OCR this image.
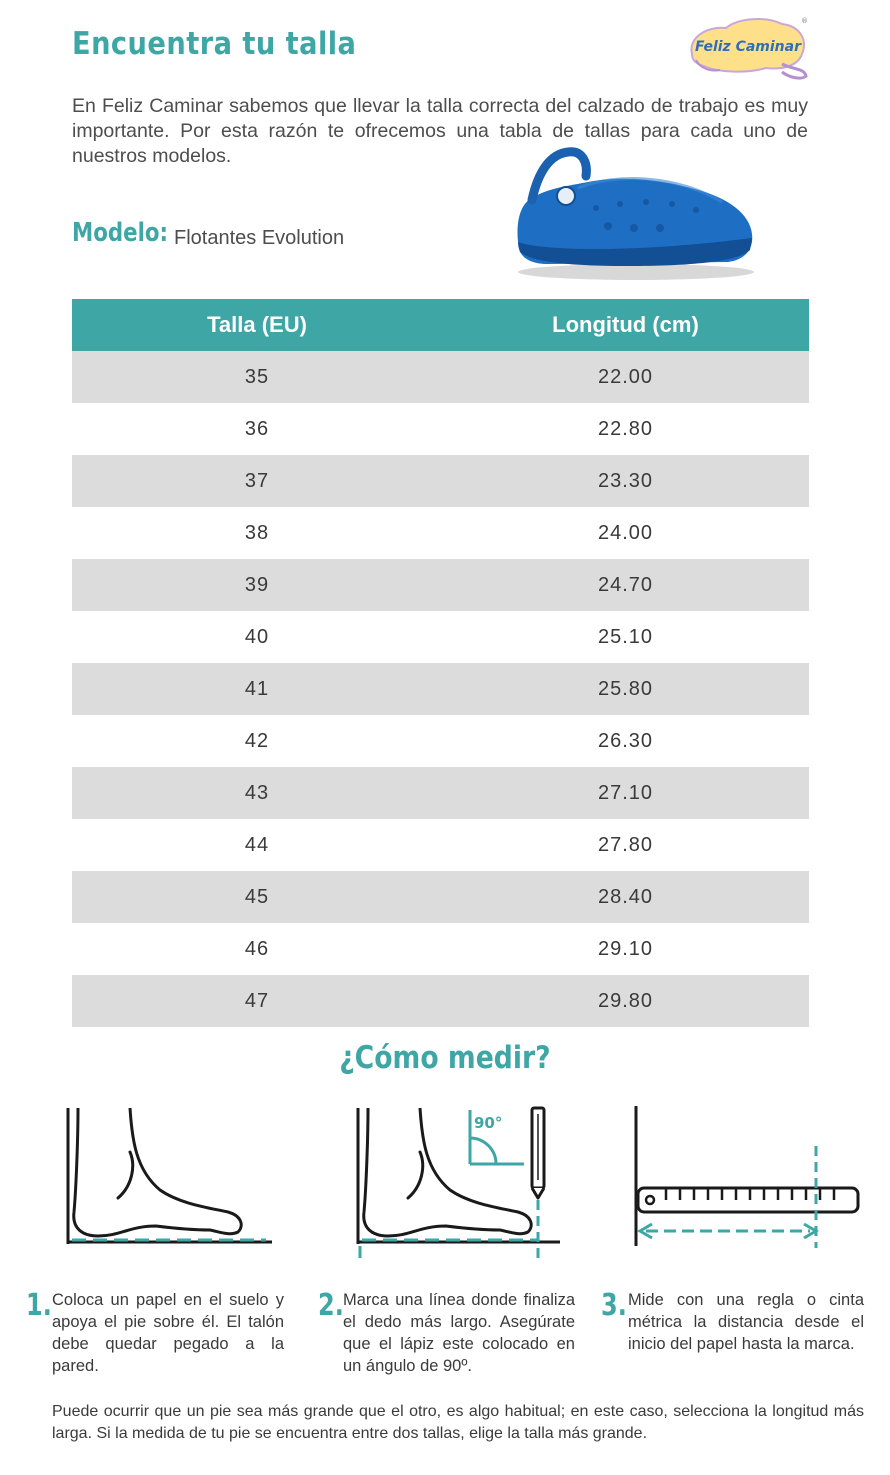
Encuentra tu talla	Feliz Caminar
®

En Feliz Caminar sabemos que llevar la talla correcta del calzado de trabajo es muy importante. Por esta razón te ofrecemos una tabla de tallas para cada uno de nuestros modelos.

Modelo: Flotantes Evolution
Talla (EU)	Longitud (cm)
35	22.00
36	22.80
37	23.30
38	24.00
39	24.70
40	25.10
41	25.80
42	26.30
43	27.10
44	27.80
45	28.40
46	29.10
47	29.80
¿Cómo medir?
90°
1. Coloca un papel en el suelo y apoya el pie sobre él. El talón debe quedar pegado a la pared.

2. Marca una línea donde finaliza el dedo más largo. Asegúrate que el lápiz este colocado en un ángulo de 90º.

3. Mide con una regla o cinta métrica la distancia desde el inicio del papel hasta la marca.

Puede ocurrir que un pie sea más grande que el otro, es algo habitual; en este caso, selecciona la longitud más larga. Si la medida de tu pie se encuentra entre dos tallas, elige la talla más grande.
